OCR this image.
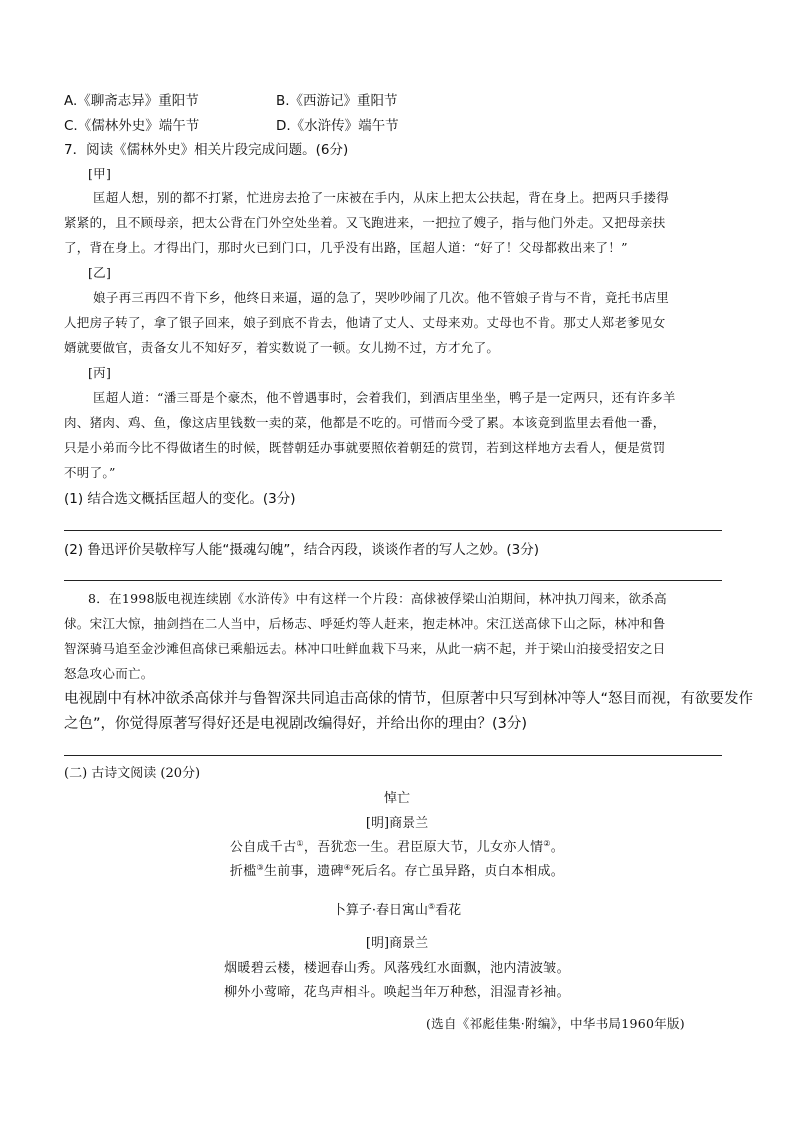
A.《聊斋志异》重阳节	B.《西游记》重阳节
C.《儒林外史》端午节	D.《水浒传》端午节
7．阅读《儒林外史》相关片段完成问题。(6分)
[甲]
匡超人想，别的都不打紧，忙进房去抢了一床被在手内，从床上把太公扶起，背在身上。把两只手搂得
紧紧的，且不顾母亲，把太公背在门外空处坐着。又飞跑进来，一把拉了嫂子，指与他门外走。又把母亲扶
了，背在身上。才得出门，那时火已到门口，几乎没有出路，匡超人道：“好了！父母都救出来了！”
[乙]
娘子再三再四不肯下乡，他终日来逼，逼的急了，哭吵吵闹了几次。他不管娘子肯与不肯，竟托书店里
人把房子转了，拿了银子回来，娘子到底不肯去，他请了丈人、丈母来劝。丈母也不肯。那丈人郑老爹见女
婿就要做官，责备女儿不知好歹，着实数说了一顿。女儿拗不过，方才允了。
[丙]
匡超人道：“潘三哥是个豪杰，他不曾遇事时，会着我们，到酒店里坐坐，鸭子是一定两只，还有许多羊
肉、猪肉、鸡、鱼，像这店里钱数一卖的菜，他都是不吃的。可惜而今受了累。本该竟到监里去看他一番，
只是小弟而今比不得做诸生的时候，既替朝廷办事就要照依着朝廷的赏罚，若到这样地方去看人，便是赏罚
不明了。”
(1) 结合选文概括匡超人的变化。(3分)
(2) 鲁迅评价吴敬梓写人能“摄魂勾魄”，结合丙段，谈谈作者的写人之妙。(3分)
8．在1998版电视连续剧《水浒传》中有这样一个片段：高俅被俘梁山泊期间，林冲执刀闯来，欲杀高
俅。宋江大惊，抽剑挡在二人当中，后杨志、呼延灼等人赶来，抱走林冲。宋江送高俅下山之际，林冲和鲁
智深骑马追至金沙滩但高俅已乘船远去。林冲口吐鲜血栽下马来，从此一病不起，并于梁山泊接受招安之日
怒急攻心而亡。
电视剧中有林冲欲杀高俅并与鲁智深共同追击高俅的情节，但原著中只写到林冲等人“怒目而视，有欲要发作
之色”，你觉得原著写得好还是电视剧改编得好，并给出你的理由？(3分)
(二) 古诗文阅读 (20分)
悼亡
[明]商景兰
公自成千古①，吾犹恋一生。君臣原大节，儿女亦人情②。
折槛③生前事，遗碑④死后名。存亡虽异路，贞白本相成。
卜算子·春日寓山⑤看花
[明]商景兰
烟暖碧云楼，楼迥春山秀。风落残红水面飘，池内清波皱。
柳外小莺啼，花鸟声相斗。唤起当年万种愁，泪湿青衫袖。
(选自《祁彪佳集·附编》，中华书局1960年版)
